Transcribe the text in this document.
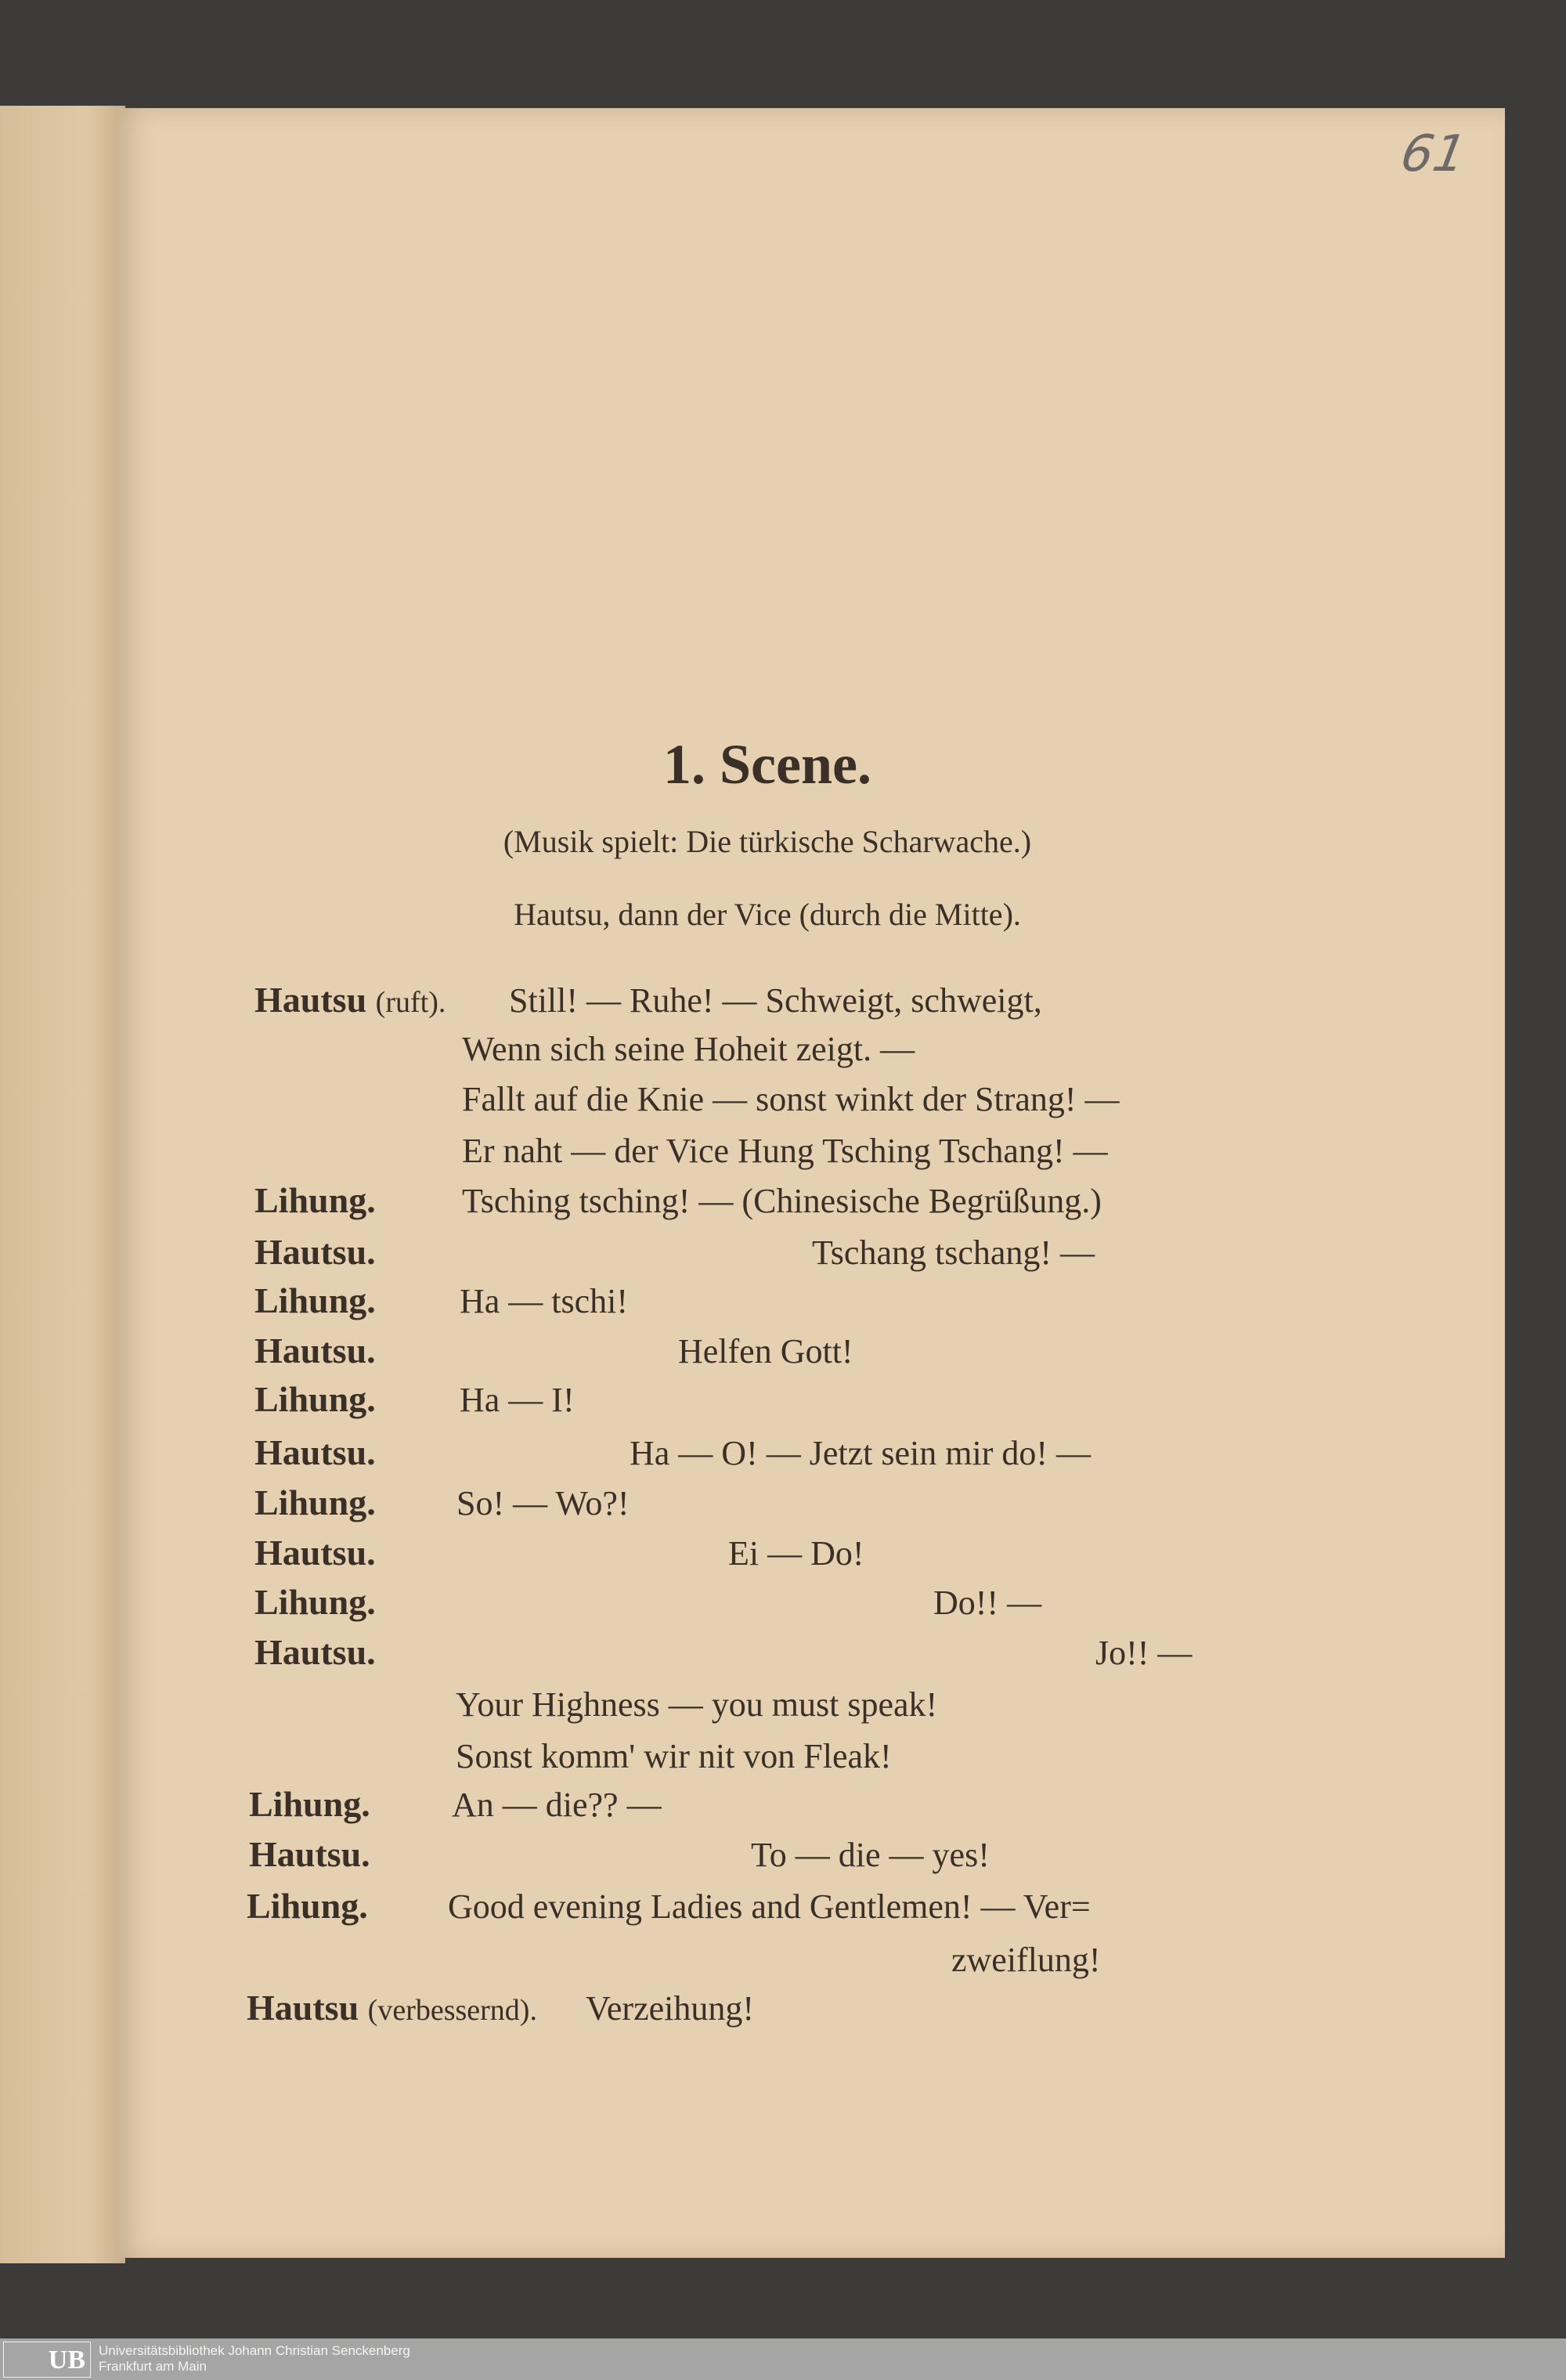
61
1. Scene.
(Musik spielt: Die türkische Scharwache.)
Hautsu, dann der Vice (durch die Mitte).
Hautsu (ruft). Still! — Ruhe! — Schweigt, schweigt,
Wenn sich seine Hoheit zeigt. —
Fallt auf die Knie — sonst winkt der Strang! —
Er naht — der Vice Hung Tsching Tschang! —
Lihung.	Tsching tsching! — (Chinesische Begrüßung.)
Hautsu.	Tschang tschang! —
Lihung. Ha — tschi!
Hautsu.	Helfen Gott!
Lihung. Ha — I!
Hautsu.	Ha — O! — Jetzt sein mir do! —
Lihung. So! — Wo?!
Hautsu.	Ei — Do!
Lihung.	Do!! —
Hautsu.	Jo!! —
Your Highness — you must speak!
Sonst komm' wir nit von Fleak!
Lihung. An — die?? —
Hautsu.	To — die — yes!
Lihung. Good evening Ladies and Gentlemen! — Ver=
zweiflung!
Hautsu (verbessernd). Verzeihung!
UB	Universitätsbibliothek Johann Christian Senckenberg
Frankfurt am Main
